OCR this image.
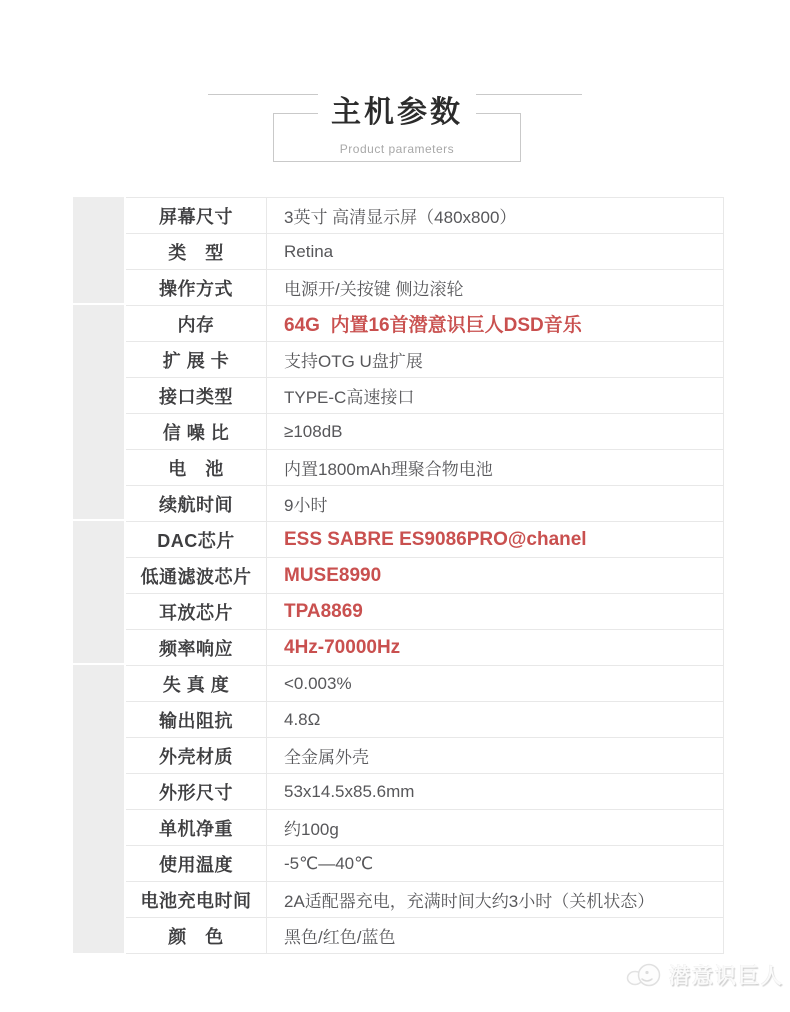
主机参数
Product parameters
屏幕尺寸	3英寸 高清显示屏（480x800）
类　型	Retina
操作方式	电源开/关按键 侧边滚轮
内存	64G  内置16首潜意识巨人DSD音乐
扩 展 卡	支持OTG U盘扩展
接口类型	TYPE-C高速接口
信 噪 比	≥108dB
电　池	内置1800mAh理聚合物电池
续航时间	9小时
DAC芯片	ESS SABRE ES9086PRO@chanel
低通滤波芯片	MUSE8990
耳放芯片	TPA8869
频率响应	4Hz-70000Hz
失 真 度	<0.003%
输出阻抗	4.8Ω
外壳材质	全金属外壳
外形尺寸	53x14.5x85.6mm
单机净重	约100g
使用温度	-5℃—40℃
电池充电时间	2A适配器充电，充满时间大约3小时（关机状态）
颜　色	黑色/红色/蓝色
潜意识巨人
